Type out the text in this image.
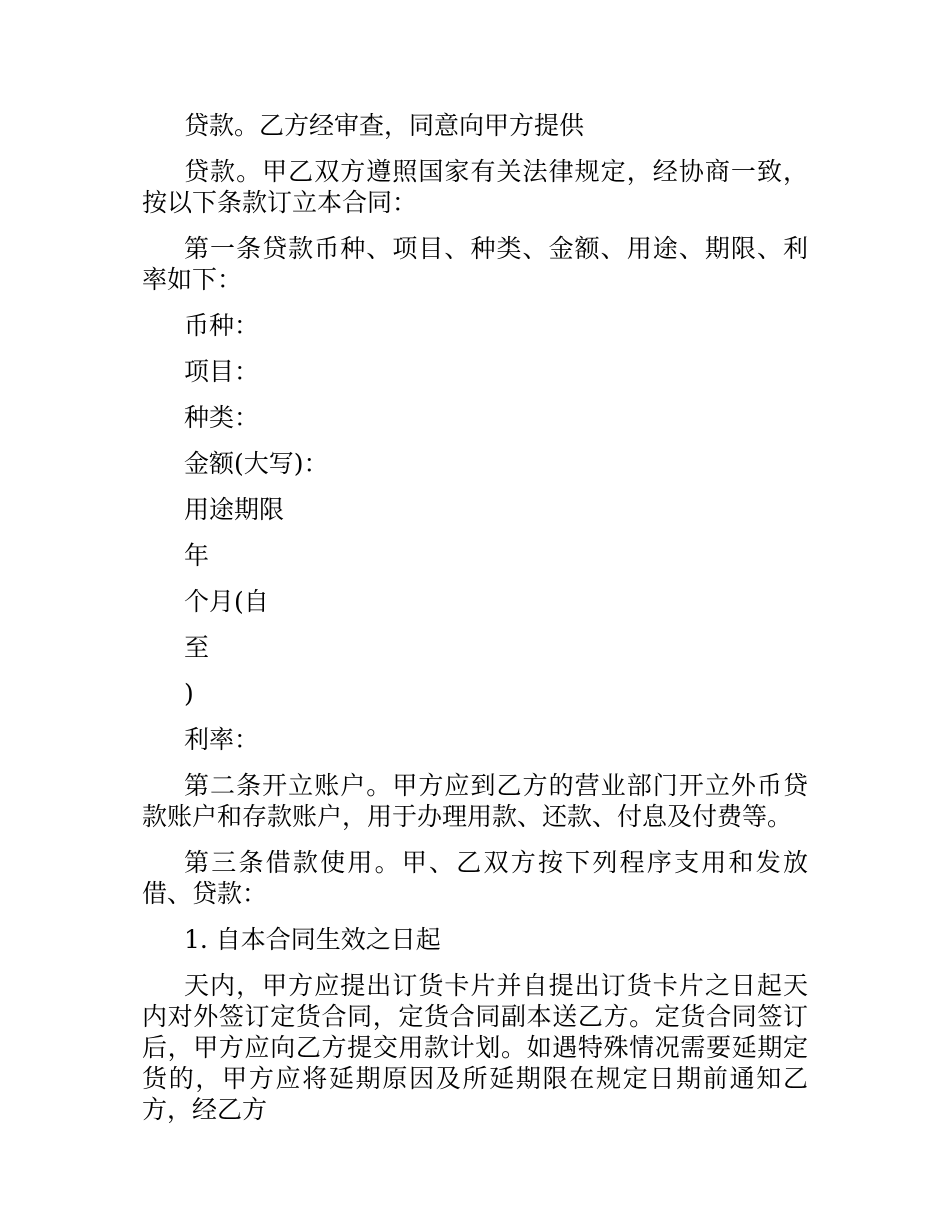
贷款。乙方经审查，同意向甲方提供

贷款。甲乙双方遵照国家有关法律规定，经协商一致，按以下条款订立本合同：

第一条贷款币种、项目、种类、金额、用途、期限、利率如下：

币种：

项目：

种类：

金额(大写)：

用途期限

年

个月(自

至

)

利率：

第二条开立账户。甲方应到乙方的营业部门开立外币贷款账户和存款账户，用于办理用款、还款、付息及付费等。

第三条借款使用。甲、乙双方按下列程序支用和发放借、贷款：

1. 自本合同生效之日起

天内，甲方应提出订货卡片并自提出订货卡片之日起天内对外签订定货合同，定货合同副本送乙方。定货合同签订后，甲方应向乙方提交用款计划。如遇特殊情况需要延期定货的，甲方应将延期原因及所延期限在规定日期前通知乙方，经乙方
